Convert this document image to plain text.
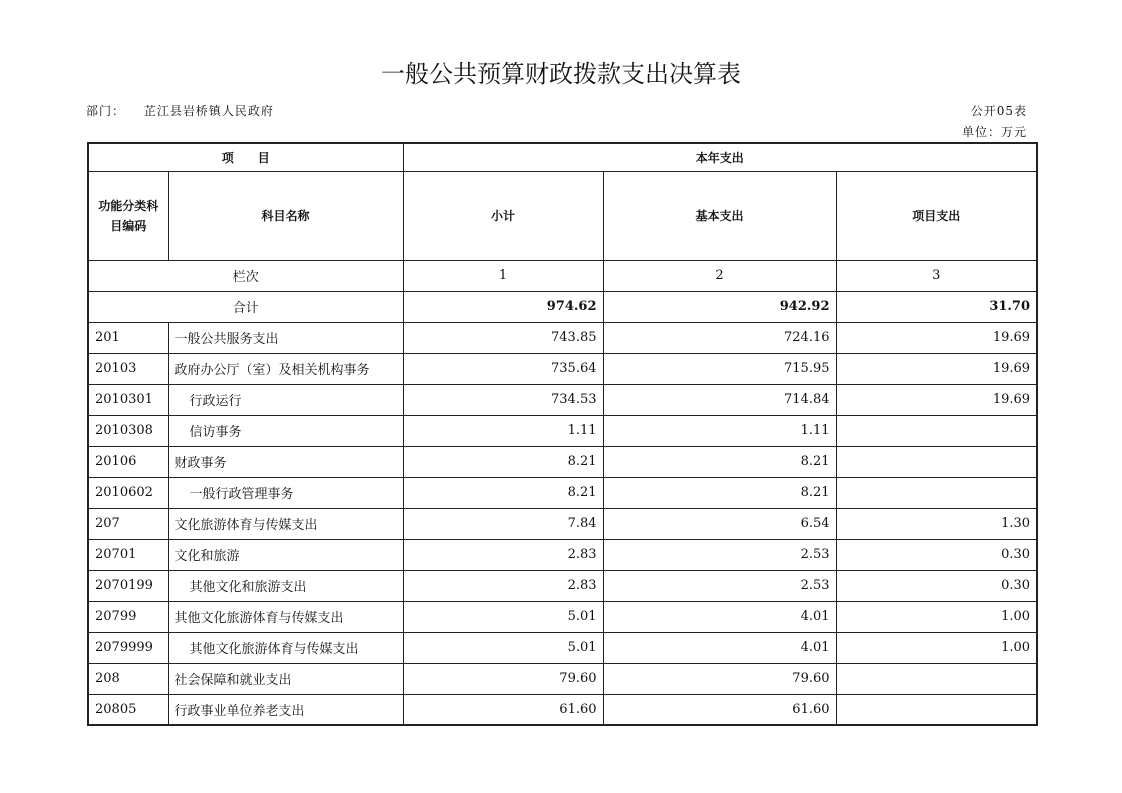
一般公共预算财政拨款支出决算表
部门： 芷江县岩桥镇人民政府	公开05表
单位：万元
项　　目		本年支出		
功能分类科目编码	科目名称	小计	基本支出	项目支出
栏次		1	2	3
合计		974.62	942.92	31.70
201	一般公共服务支出	743.85	724.16	19.69
20103	政府办公厅（室）及相关机构事务	735.64	715.95	19.69
2010301	行政运行	734.53	714.84	19.69
2010308	信访事务	1.11	1.11	
20106	财政事务	8.21	8.21	
2010602	一般行政管理事务	8.21	8.21	
207	文化旅游体育与传媒支出	7.84	6.54	1.30
20701	文化和旅游	2.83	2.53	0.30
2070199	其他文化和旅游支出	2.83	2.53	0.30
20799	其他文化旅游体育与传媒支出	5.01	4.01	1.00
2079999	其他文化旅游体育与传媒支出	5.01	4.01	1.00
208	社会保障和就业支出	79.60	79.60	
20805	行政事业单位养老支出	61.60	61.60	
